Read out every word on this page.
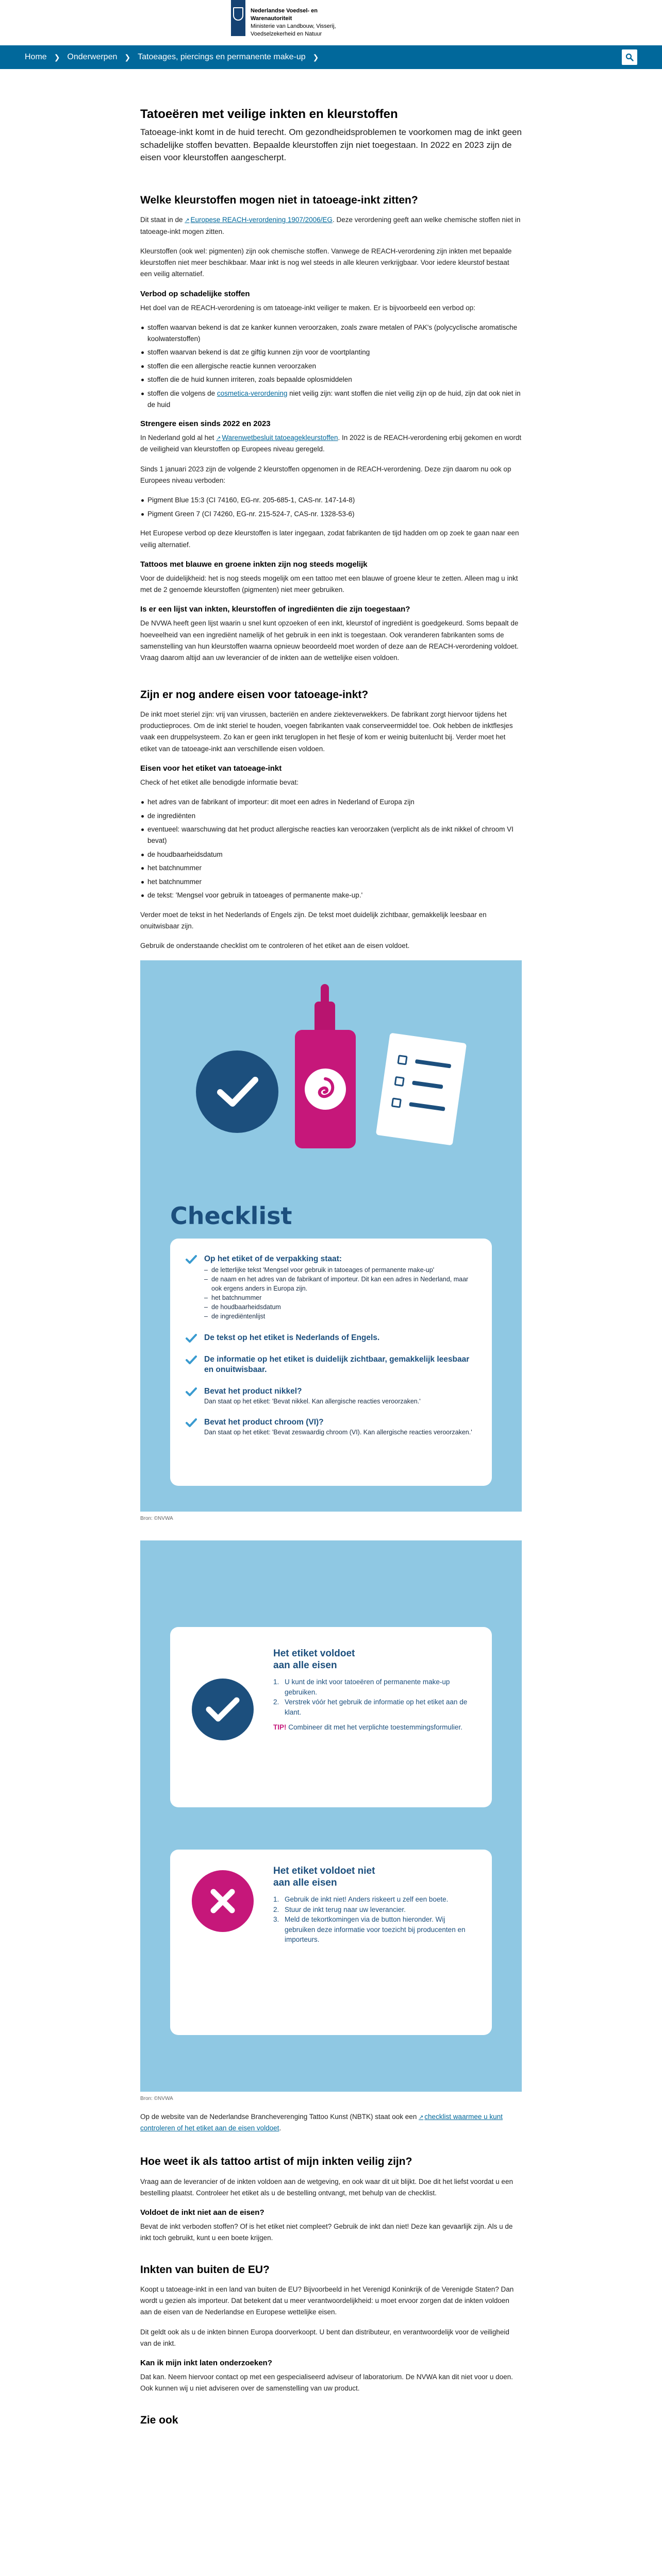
Nederlandse Voedsel- en
Warenautoriteit
Ministerie van Landbouw, Visserij,
Voedselzekerheid en Natuur
Home ❯ Onderwerpen ❯ Tatoeages, piercings en permanente make-up ❯
Tatoeëren met veilige inkten en kleurstoffen

Tatoeage-inkt komt in de huid terecht. Om gezondheidsproblemen te voorkomen mag de inkt geen schadelijke stoffen bevatten. Bepaalde kleurstoffen zijn niet toegestaan. In 2022 en 2023 zijn de eisen voor kleurstoffen aangescherpt.

Welke kleurstoffen mogen niet in tatoeage-inkt zitten?

Dit staat in de ↗ Europese REACH-verordening 1907/2006/EG. Deze verordening geeft aan welke chemische stoffen niet in tatoeage-inkt mogen zitten.

Kleurstoffen (ook wel: pigmenten) zijn ook chemische stoffen. Vanwege de REACH-verordening zijn inkten met bepaalde kleurstoffen niet meer beschikbaar. Maar inkt is nog wel steeds in alle kleuren verkrijgbaar. Voor iedere kleurstof bestaat een veilig alternatief.

Verbod op schadelijke stoffen

Het doel van de REACH-verordening is om tatoeage-inkt veiliger te maken. Er is bijvoorbeeld een verbod op:

stoffen waarvan bekend is dat ze kanker kunnen veroorzaken, zoals zware metalen of PAK's (polycyclische aromatische koolwaterstoffen)
stoffen waarvan bekend is dat ze giftig kunnen zijn voor de voortplanting
stoffen die een allergische reactie kunnen veroorzaken
stoffen die de huid kunnen irriteren, zoals bepaalde oplosmiddelen
stoffen die volgens de cosmetica-verordening niet veilig zijn: want stoffen die niet veilig zijn op de huid, zijn dat ook niet in de huid
Strengere eisen sinds 2022 en 2023

In Nederland gold al het ↗ Warenwetbesluit tatoeagekleurstoffen. In 2022 is de REACH-verordening erbij gekomen en wordt de veiligheid van kleurstoffen op Europees niveau geregeld.

Sinds 1 januari 2023 zijn de volgende 2 kleurstoffen opgenomen in de REACH-verordening. Deze zijn daarom nu ook op Europees niveau verboden:

Pigment Blue 15:3 (CI 74160, EG-nr. 205-685-1, CAS-nr. 147-14-8)
Pigment Green 7 (CI 74260, EG-nr. 215-524-7, CAS-nr. 1328-53-6)

Het Europese verbod op deze kleurstoffen is later ingegaan, zodat fabrikanten de tijd hadden om op zoek te gaan naar een veilig alternatief.

Tattoos met blauwe en groene inkten zijn nog steeds mogelijk

Voor de duidelijkheid: het is nog steeds mogelijk om een tattoo met een blauwe of groene kleur te zetten. Alleen mag u inkt met de 2 genoemde kleurstoffen (pigmenten) niet meer gebruiken.

Is er een lijst van inkten, kleurstoffen of ingrediënten die zijn toegestaan?

De NVWA heeft geen lijst waarin u snel kunt opzoeken of een inkt, kleurstof of ingrediënt is goedgekeurd. Soms bepaalt de hoeveelheid van een ingrediënt namelijk of het gebruik in een inkt is toegestaan. Ook veranderen fabrikanten soms de samenstelling van hun kleurstoffen waarna opnieuw beoordeeld moet worden of deze aan de REACH-verordening voldoet. Vraag daarom altijd aan uw leverancier of de inkten aan de wettelijke eisen voldoen.

Zijn er nog andere eisen voor tatoeage-inkt?

De inkt moet steriel zijn: vrij van virussen, bacteriën en andere ziekteverwekkers. De fabrikant zorgt hiervoor tijdens het productieproces. Om de inkt steriel te houden, voegen fabrikanten vaak conserveermiddel toe. Ook hebben de inktflesjes vaak een druppelsysteem. Zo kan er geen inkt teruglopen in het flesje of kom er weinig buitenlucht bij. Verder moet het etiket van de tatoeage-inkt aan verschillende eisen voldoen.

Eisen voor het etiket van tatoeage-inkt

Check of het etiket alle benodigde informatie bevat:

het adres van de fabrikant of importeur: dit moet een adres in Nederland of Europa zijn
de ingrediënten
eventueel: waarschuwing dat het product allergische reacties kan veroorzaken (verplicht als de inkt nikkel of chroom VI bevat)
de houdbaarheidsdatum
het batchnummer
het batchnummer
de tekst: 'Mengsel voor gebruik in tatoeages of permanente make-up.'

Verder moet de tekst in het Nederlands of Engels zijn. De tekst moet duidelijk zichtbaar, gemakkelijk leesbaar en onuitwisbaar zijn.

Gebruik de onderstaande checklist om te controleren of het etiket aan de eisen voldoet.

Checklist
Op het etiket of de verpakking staat:
– de letterlijke tekst 'Mengsel voor gebruik in tatoeages of permanente make-up'
– de naam en het adres van de fabrikant of importeur. Dit kan een adres in Nederland, maar ook ergens anders in Europa zijn.
– het batchnummer
– de houdbaarheidsdatum
– de ingrediëntenlijst
De tekst op het etiket is Nederlands of Engels.
De informatie op het etiket is duidelijk zichtbaar, gemakkelijk leesbaar en onuitwisbaar.
Bevat het product nikkel?
Dan staat op het etiket: 'Bevat nikkel. Kan allergische reacties veroorzaken.'
Bevat het product chroom (VI)?
Dan staat op het etiket: 'Bevat zeswaardig chroom (VI). Kan allergische reacties veroorzaken.'
Bron: ©NVWA
Het etiket voldoet
aan alle eisen
1. U kunt de inkt voor tatoeëren of permanente make-up gebruiken.
2. Verstrek vóór het gebruik de informatie op het etiket aan de klant.
TIP! Combineer dit met het verplichte toestemmingsformulier.
Het etiket voldoet niet
aan alle eisen
1. Gebruik de inkt niet! Anders riskeert u zelf een boete.
2. Stuur de inkt terug naar uw leverancier.
3. Meld de tekortkomingen via de button hieronder. Wij gebruiken deze informatie voor toezicht bij producenten en importeurs.
Bron: ©NVWA

Op de website van de Nederlandse Brancheverenging Tattoo Kunst (NBTK) staat ook een ↗ checklist waarmee u kunt controleren of het etiket aan de eisen voldoet.

Hoe weet ik als tattoo artist of mijn inkten veilig zijn?

Vraag aan de leverancier of de inkten voldoen aan de wetgeving, en ook waar dit uit blijkt. Doe dit het liefst voordat u een bestelling plaatst. Controleer het etiket als u de bestelling ontvangt, met behulp van de checklist.

Voldoet de inkt niet aan de eisen?

Bevat de inkt verboden stoffen? Of is het etiket niet compleet? Gebruik de inkt dan niet! Deze kan gevaarlijk zijn. Als u de inkt toch gebruikt, kunt u een boete krijgen.

Inkten van buiten de EU?

Koopt u tatoeage-inkt in een land van buiten de EU? Bijvoorbeeld in het Verenigd Koninkrijk of de Verenigde Staten? Dan wordt u gezien als importeur. Dat betekent dat u meer verantwoordelijkheid: u moet ervoor zorgen dat de inkten voldoen aan de eisen van de Nederlandse en Europese wettelijke eisen.

Dit geldt ook als u de inkten binnen Europa doorverkoopt. U bent dan distributeur, en verantwoordelijk voor de veiligheid van de inkt.

Kan ik mijn inkt laten onderzoeken?

Dat kan. Neem hiervoor contact op met een gespecialiseerd adviseur of laboratorium. De NVWA kan dit niet voor u doen. Ook kunnen wij u niet adviseren over de samenstelling van uw product.

Zie ook
